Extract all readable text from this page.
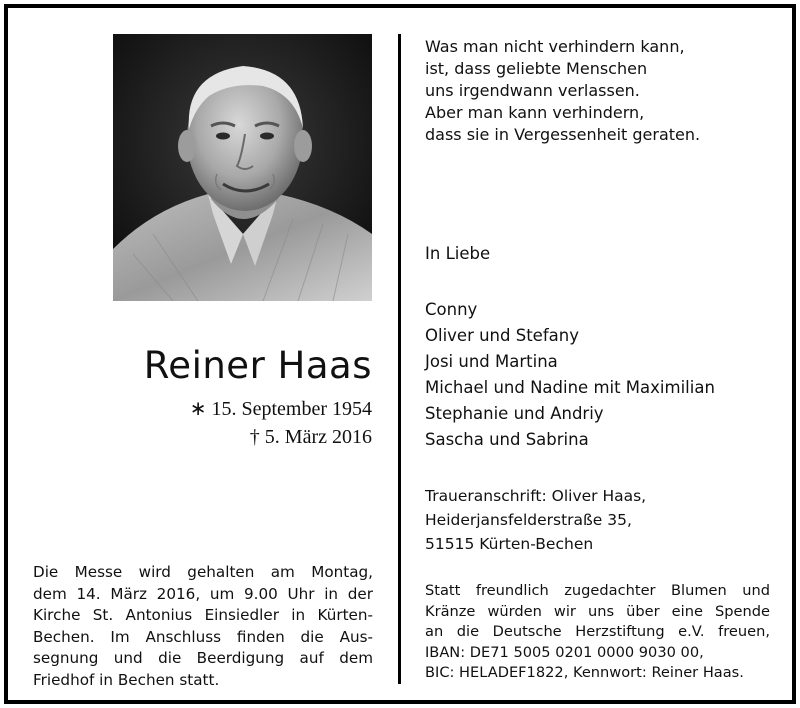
Reiner Haas
∗ 15. September 1954
† 5. März 2016
Die Messe wird gehalten am Montag,
dem 14. März 2016, um 9.00 Uhr in der
Kirche St. Antonius Einsiedler in Kürten-
Bechen. Im Anschluss finden die Aus-
segnung und die Beerdigung auf dem
Friedhof in Bechen statt.
Was man nicht verhindern kann,
ist, dass geliebte Menschen
uns irgendwann verlassen.
Aber man kann verhindern,
dass sie in Vergessenheit geraten.
In Liebe
Conny
Oliver und Stefany
Josi und Martina
Michael und Nadine mit Maximilian
Stephanie und Andriy
Sascha und Sabrina
Traueranschrift: Oliver Haas,
Heiderjansfelderstraße 35,
51515 Kürten-Bechen
Statt freundlich zugedachter Blumen und
Kränze würden wir uns über eine Spende
an die Deutsche Herzstiftung e.V. freuen,
IBAN: DE71 5005 0201 0000 9030 00,
BIC: HELADEF1822, Kennwort: Reiner Haas.
